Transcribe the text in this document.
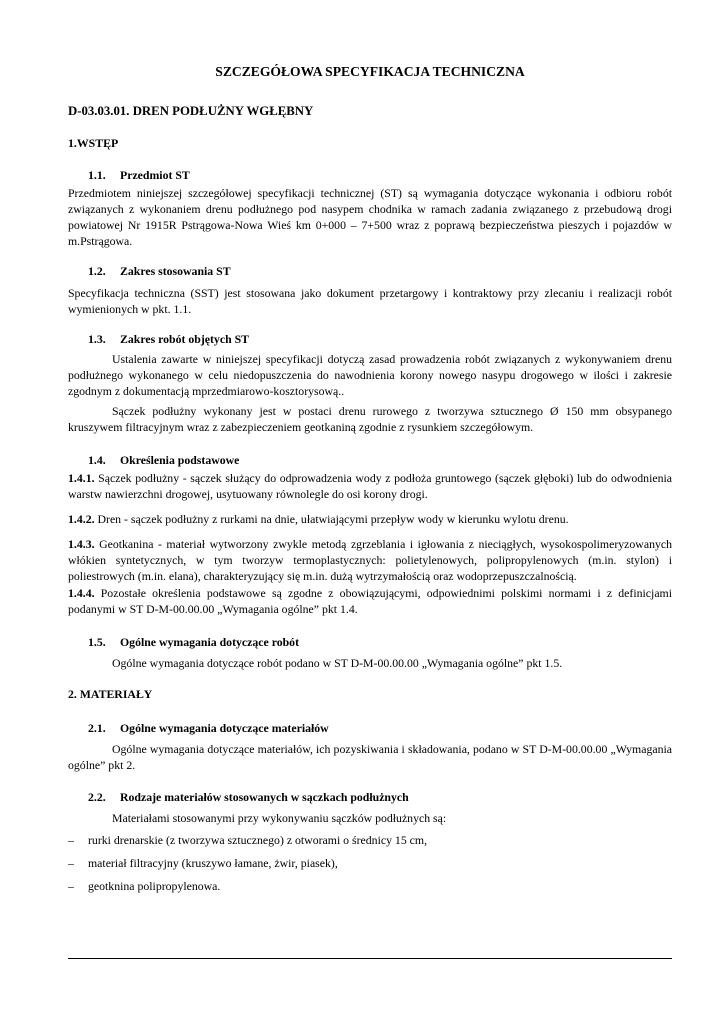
SZCZEGÓŁOWA SPECYFIKACJA TECHNICZNA
D-03.03.01. DREN PODŁUŻNY WGŁĘBNY
1.WSTĘP
1.1. Przedmiot ST
Przedmiotem niniejszej szczegółowej specyfikacji technicznej (ST) są wymagania dotyczące wykonania i odbioru robót związanych z wykonaniem drenu podłużnego pod nasypem chodnika w ramach zadania związanego z przebudową drogi powiatowej Nr 1915R Pstrągowa-Nowa Wieś km 0+000 – 7+500 wraz z poprawą bezpieczeństwa pieszych i pojazdów w m.Pstrągowa.
1.2. Zakres stosowania ST
Specyfikacja techniczna (SST) jest stosowana jako dokument przetargowy i kontraktowy przy zlecaniu i realizacji robót wymienionych w pkt. 1.1.
1.3. Zakres robót objętych ST
Ustalenia zawarte w niniejszej specyfikacji dotyczą zasad prowadzenia robót związanych z wykonywaniem drenu podłużnego wykonanego w celu niedopuszczenia do nawodnienia korony nowego nasypu drogowego w ilości i zakresie zgodnym z dokumentacją mprzedmiarowo-kosztorysową..
Sączek podłużny wykonany jest w postaci drenu rurowego z tworzywa sztucznego Ø 150 mm obsypanego kruszywem filtracyjnym wraz z zabezpieczeniem geotkaniną zgodnie z rysunkiem szczegółowym.
1.4. Określenia podstawowe
1.4.1. Sączek podłużny - sączek służący do odprowadzenia wody z podłoża gruntowego (sączek głęboki) lub do odwodnienia warstw nawierzchni drogowej, usytuowany równolegle do osi korony drogi.
1.4.2. Dren - sączek podłużny z rurkami na dnie, ułatwiającymi przepływ wody w kierunku wylotu drenu.
1.4.3. Geotkanina - materiał wytworzony zwykle metodą zgrzeblania i igłowania z nieciągłych, wysokospolimeryzowanych włókien syntetycznych, w tym tworzyw termoplastycznych: polietylenowych, polipropylenowych (m.in. stylon) i poliestrowych (m.in. elana), charakteryzujący się m.in. dużą wytrzymałością oraz wodoprzepuszczalnością.
1.4.4. Pozostałe określenia podstawowe są zgodne z obowiązującymi, odpowiednimi polskimi normami i z definicjami podanymi w ST D-M-00.00.00 „Wymagania ogólne” pkt 1.4.
1.5. Ogólne wymagania dotyczące robót
Ogólne wymagania dotyczące robót podano w ST D-M-00.00.00 „Wymagania ogólne” pkt 1.5.
2. MATERIAŁY
2.1. Ogólne wymagania dotyczące materiałów
Ogólne wymagania dotyczące materiałów, ich pozyskiwania i składowania, podano w ST D-M-00.00.00 „Wymagania ogólne” pkt 2.
2.2. Rodzaje materiałów stosowanych w sączkach podłużnych
Materiałami stosowanymi przy wykonywaniu sączków podłużnych są:
– rurki drenarskie (z tworzywa sztucznego) z otworami o średnicy 15 cm,
– materiał filtracyjny (kruszywo łamane, żwir, piasek),
– geotknina polipropylenowa.
